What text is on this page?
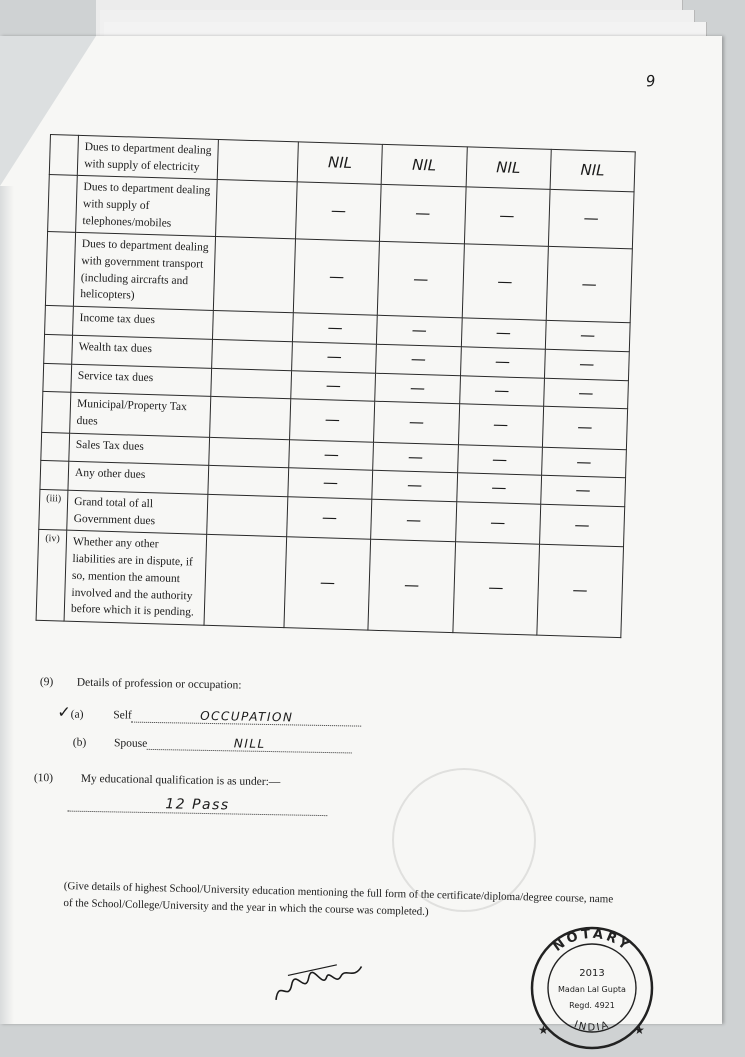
9
	Dues to department dealing with supply of electricity		NIL	NIL	NIL	NIL
	Dues to department dealing with supply of telephones/mobiles		—	—	—	—
	Dues to department dealing with government transport (including aircrafts and helicopters)		—	—	—	—
	Income tax dues		—	—	—	—
	Wealth tax dues		—	—	—	—
	Service tax dues		—	—	—	—
	Municipal/Property Tax dues		—	—	—	—
	Sales Tax dues		—	—	—	—
	Any other dues		—	—	—	—
(iii)	Grand total of all Government dues		—	—	—	—
(iv)	Whether any other liabilities are in dispute, if so, mention the amount involved and the authority before which it is pending.		—	—	—	—
(9) Details of profession or occupation:
✓(a)	Self	OCCUPATION
(b) Spouse	NILL
(10) My educational qualification is as under:—
12 Pass
(Give details of highest School/University education mentioning the full form of the certificate/diploma/degree course, name of the School/College/University and the year in which the course was completed.)
NOTARY
INDIA
2013
Madan Lal Gupta
Regd. 4921
★	★
